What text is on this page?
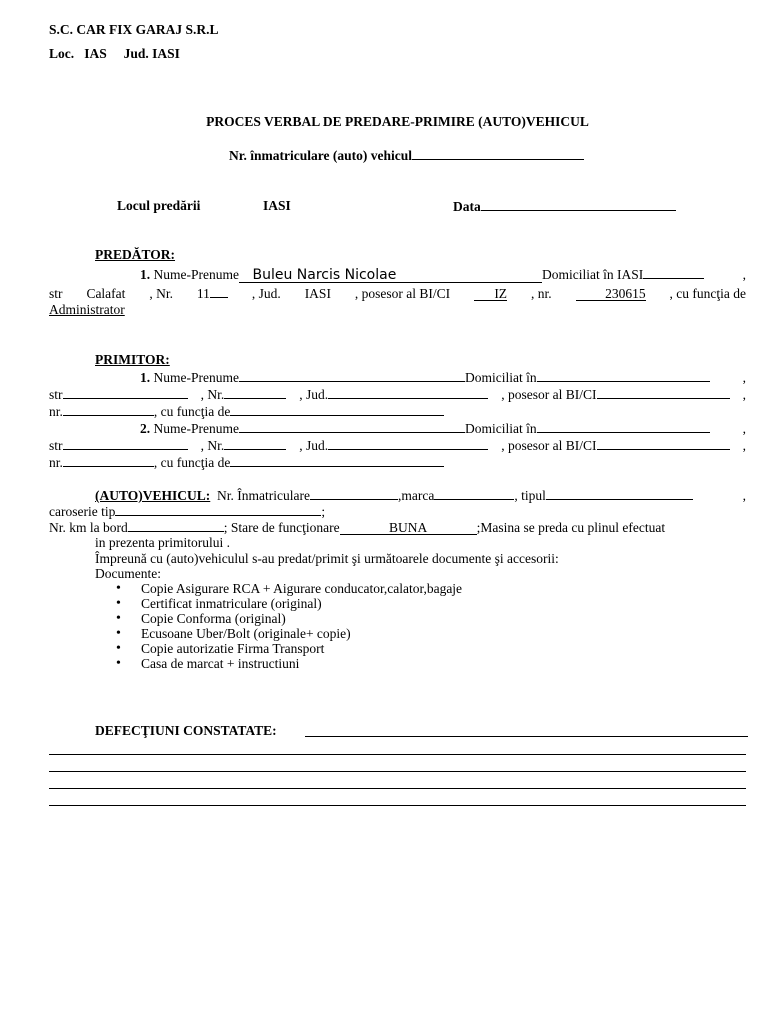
S.C. CAR FIX GARAJ S.R.L
Loc. IAS Jud. IASI
PROCES VERBAL DE PREDARE-PRIMIRE (AUTO)VEHICUL
Nr. înmatriculare (auto) vehicul
Locul predării	IASI	Data
PREDĂTOR:
1. Nume-Prenume Buleu Narcis Nicolae	Domiciliat în IASI	,
str Calafat , Nr. 11	, Jud. IASI , posesor al BI/CI	IZ , nr.	230615 , cu funcţia de
Administrator
PRIMITOR:
1. Nume-Prenume	Domiciliat în	,
str	, Nr.	, Jud.	, posesor al BI/CI	,
nr.	, cu funcţia de
2. Nume-Prenume	Domiciliat în	,
str	, Nr.	, Jud.	, posesor al BI/CI	,
nr.	, cu funcţia de
(AUTO)VEHICUL: Nr. Înmatriculare	,marca	, tipul	,
caroserie tip	;
Nr. km la bord	; Stare de funcţionare	BUNA	;Masina se preda cu plinul efectuat
in prezenta primitorului .
Împreună cu (auto)vehiculul s-au predat/primit şi următoarele documente şi accesorii:
Documente:
• Copie Asigurare RCA + Aigurare conducator,calator,bagaje
• Certificat inmatriculare (original)
• Copie Conforma (original)
• Ecusoane Uber/Bolt (originale+ copie)
• Copie autorizatie Firma Transport
• Casa de marcat + instructiuni
DEFECŢIUNI CONSTATATE:
